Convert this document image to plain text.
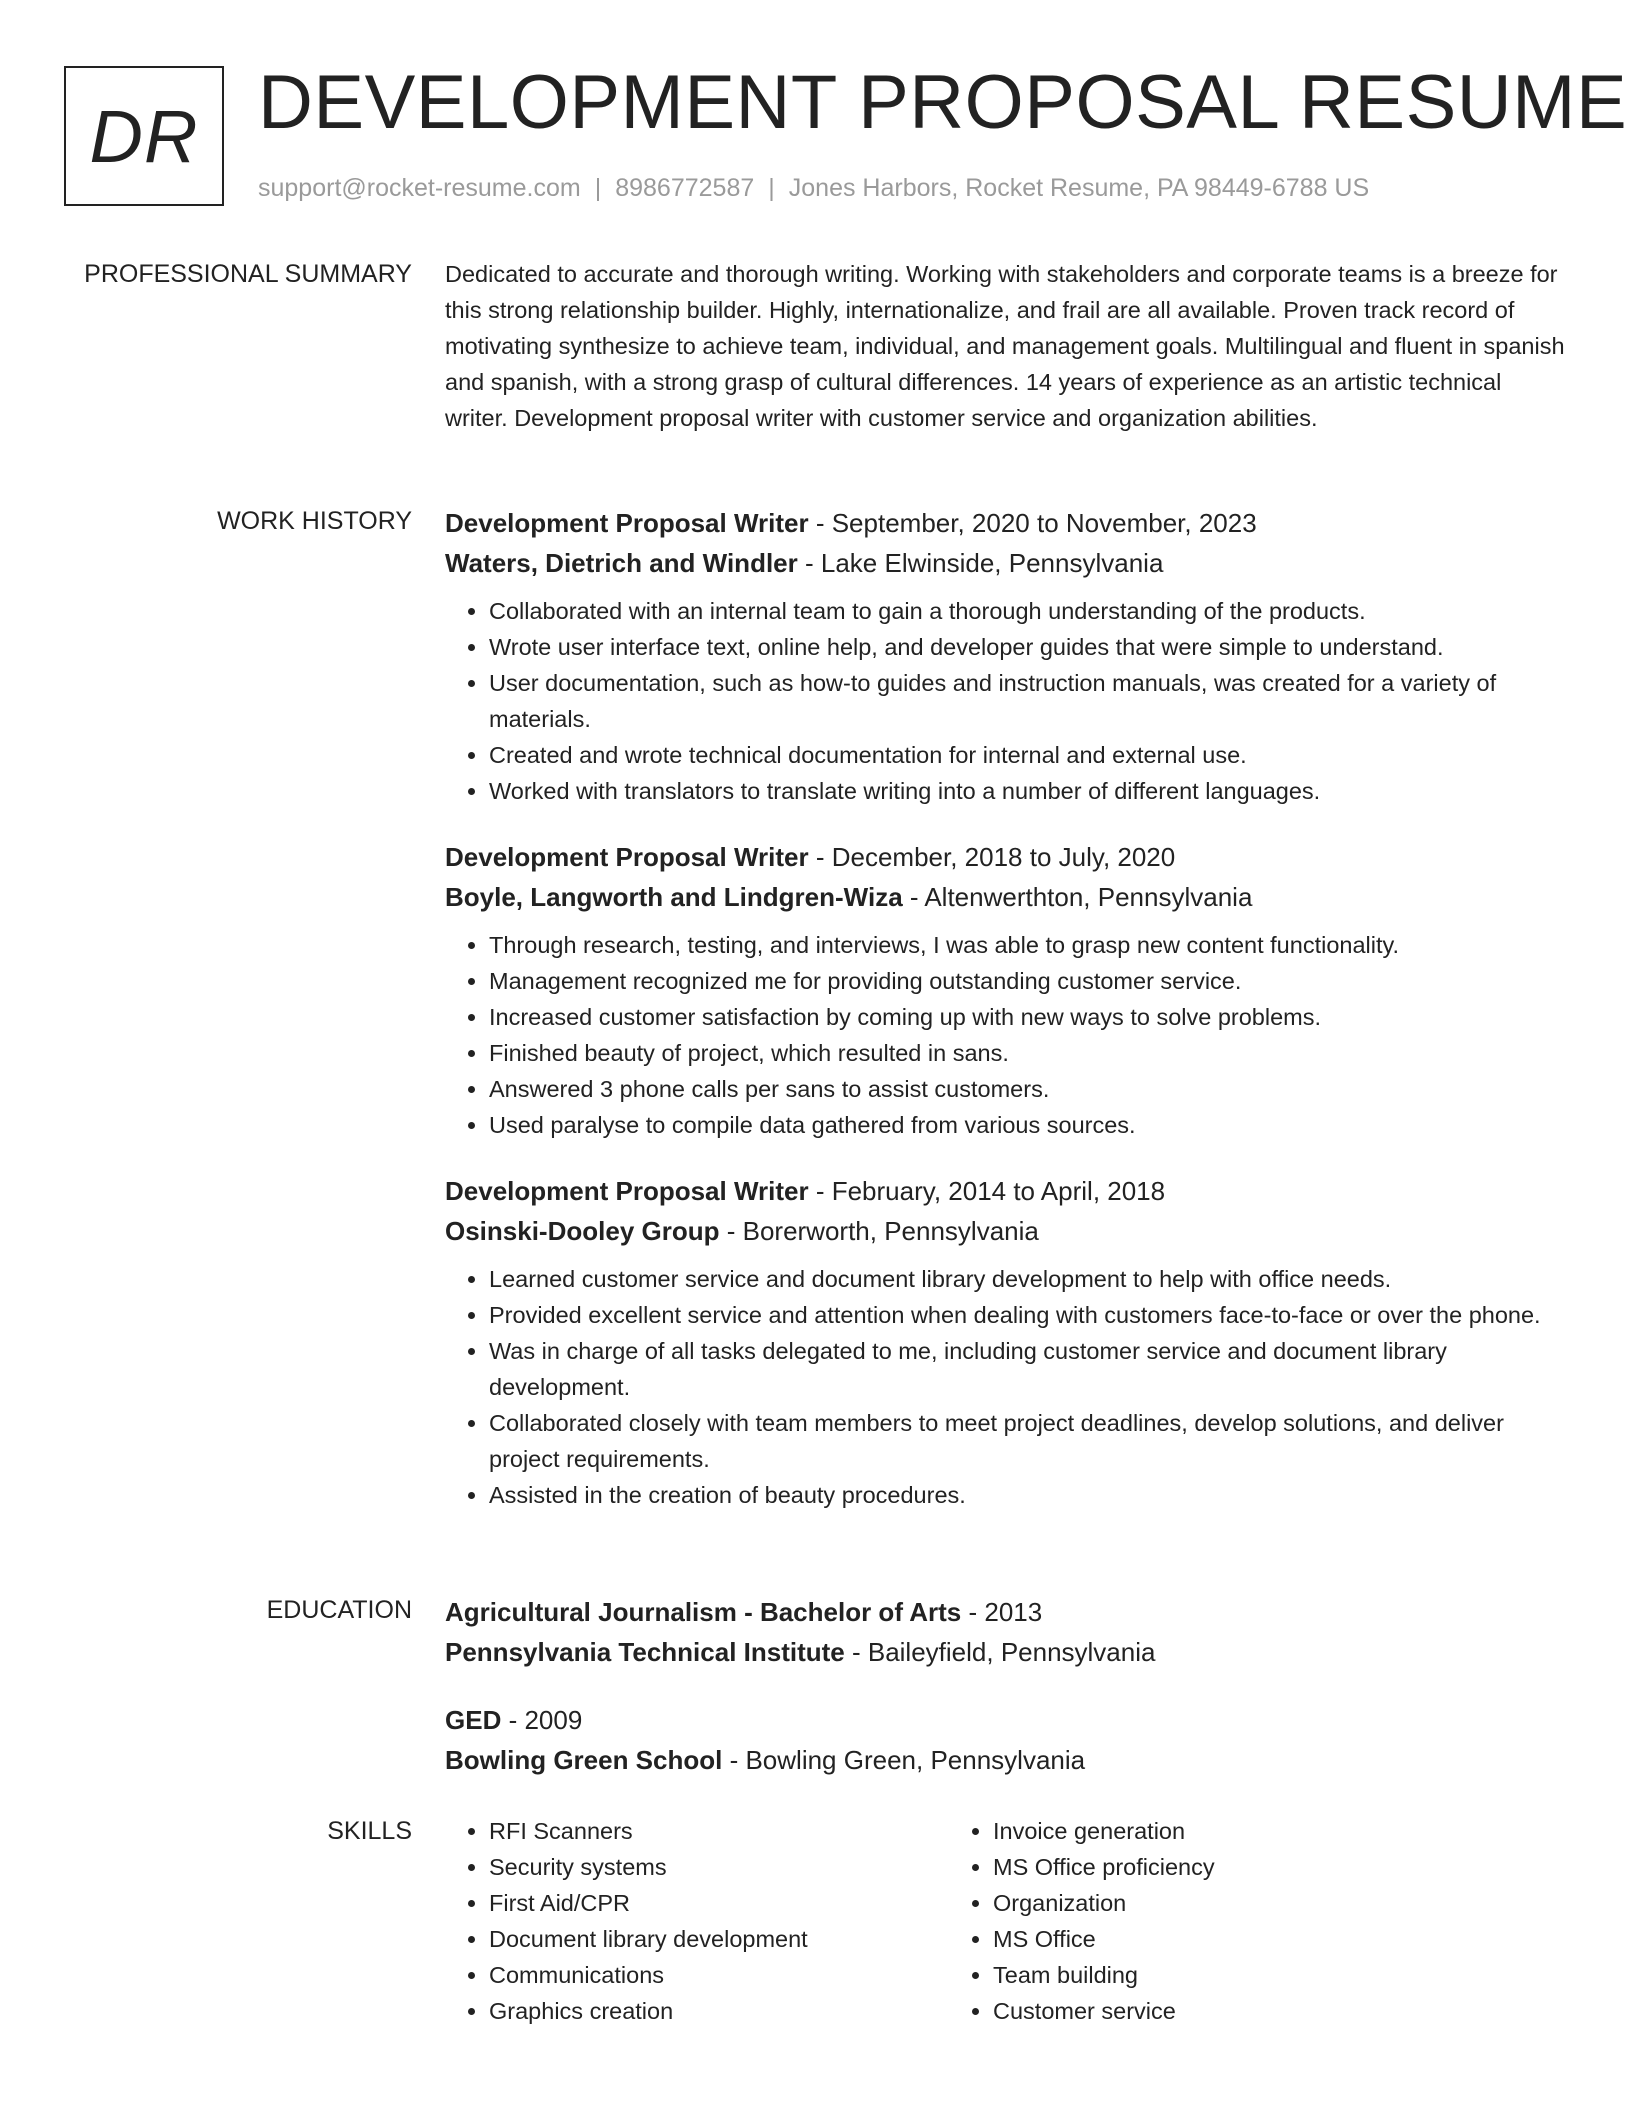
DR DEVELOPMENT PROPOSAL RESUME
support@rocket-resume.com | 8986772587 | Jones Harbors, Rocket Resume, PA 98449-6788 US
PROFESSIONAL SUMMARY Dedicated to accurate and thorough writing. Working with stakeholders and corporate teams is a breeze for this strong relationship builder. Highly, internationalize, and frail are all available. Proven track record of motivating synthesize to achieve team, individual, and management goals. Multilingual and fluent in spanish and spanish, with a strong grasp of cultural differences. 14 years of experience as an artistic technical writer. Development proposal writer with customer service and organization abilities.

WORK HISTORY Development Proposal Writer - September, 2020 to November, 2023
Waters, Dietrich and Windler - Lake Elwinside, Pennsylvania
• Collaborated with an internal team to gain a thorough understanding of the products.
• Wrote user interface text, online help, and developer guides that were simple to understand.
• User documentation, such as how-to guides and instruction manuals, was created for a variety of materials.
• Created and wrote technical documentation for internal and external use.
• Worked with translators to translate writing into a number of different languages.
Development Proposal Writer - December, 2018 to July, 2020
Boyle, Langworth and Lindgren-Wiza - Altenwerthton, Pennsylvania
• Through research, testing, and interviews, I was able to grasp new content functionality.
• Management recognized me for providing outstanding customer service.
• Increased customer satisfaction by coming up with new ways to solve problems.
• Finished beauty of project, which resulted in sans.
• Answered 3 phone calls per sans to assist customers.
• Used paralyse to compile data gathered from various sources.
Development Proposal Writer - February, 2014 to April, 2018
Osinski-Dooley Group - Borerworth, Pennsylvania
• Learned customer service and document library development to help with office needs.
• Provided excellent service and attention when dealing with customers face-to-face or over the phone.
• Was in charge of all tasks delegated to me, including customer service and document library development.
• Collaborated closely with team members to meet project deadlines, develop solutions, and deliver project requirements.
• Assisted in the creation of beauty procedures.
EDUCATION Agricultural Journalism - Bachelor of Arts - 2013
Pennsylvania Technical Institute - Baileyfield, Pennsylvania
GED - 2009
Bowling Green School - Bowling Green, Pennsylvania
SKILLS
•	RFI Scanners
• Security systems
• First Aid/CPR
• Document library development
• Communications
• Graphics creation
• Invoice generation
• MS Office proficiency
• Organization
• MS Office
• Team building
• Customer service
